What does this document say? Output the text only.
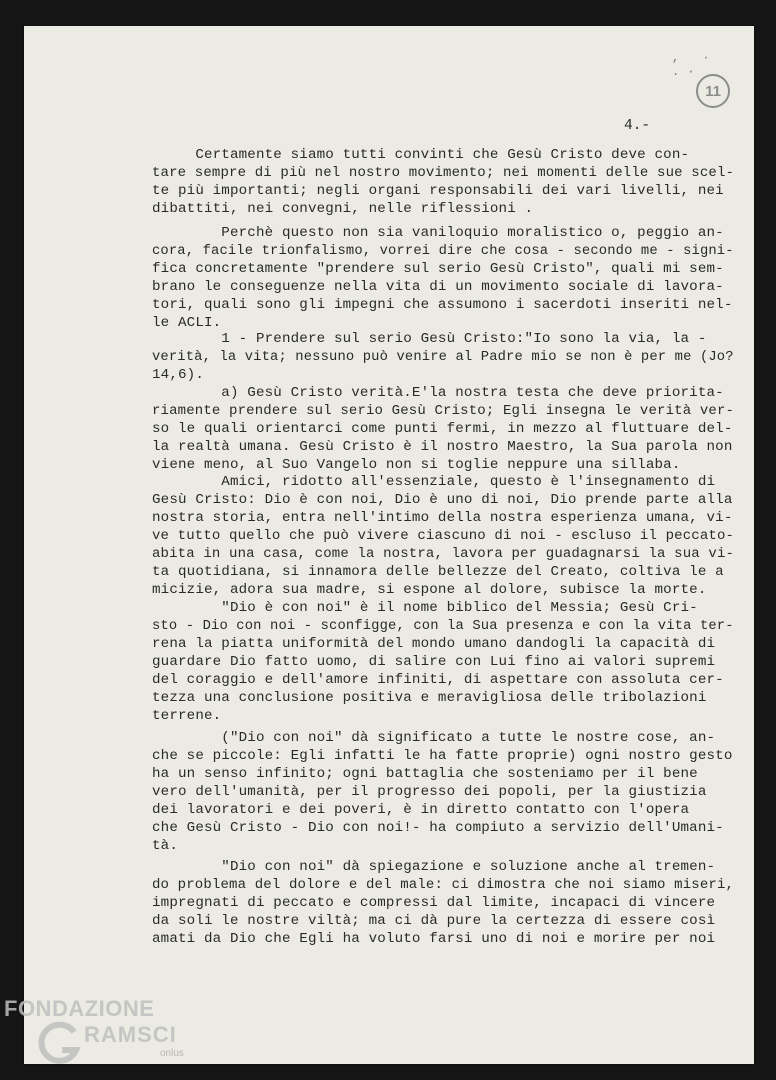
, · .·
11
4.-
Certamente siamo tutti convinti che Gesù Cristo deve con-
tare sempre di più nel nostro movimento; nei momenti delle sue scel-
te più importanti; negli organi responsabili dei vari livelli, nei
dibattiti, nei convegni, nelle riflessioni .
Perchè questo non sia vaniloquio moralistico o, peggio an-
cora, facile trionfalismo, vorrei dire che cosa - secondo me - signi-
fica concretamente "prendere sul serio Gesù Cristo", quali mi sem-
brano le conseguenze nella vita di un movimento sociale di lavora-
tori, quali sono gli impegni che assumono i sacerdoti inseriti nel-
le ACLI.
1 - Prendere sul serio Gesù Cristo:"Io sono la via, la -
verità, la vita; nessuno può venire al Padre mio se non è per me (Jo?
14,6).
a) Gesù Cristo verità.E'la nostra testa che deve prioritа-
riamente prendere sul serio Gesù Cristo; Egli insegna le verità ver-
so le quali orientarci come punti fermi, in mezzo al fluttuare del-
la realtà umana. Gesù Cristo è il nostro Maestro, la Sua parola non
viene meno, al Suo Vangelo non si toglie neppure una sillaba.
Amici, ridotto all'essenziale, questo è l'insegnamento di
Gesù Cristo: Dio è con noi, Dio è uno di noi, Dio prende parte alla
nostra storia, entra nell'intimo della nostra esperienza umana, vi-
ve tutto quello che può vivere ciascuno di noi - escluso il peccato-
abita in una casa, come la nostra, lavora per guadagnarsi la sua vi-
ta quotidiana, si innamora delle bellezze del Creato, coltiva le a
micizie, adora sua madre, si espone al dolore, subisce la morte.
"Dio è con noi" è il nome biblico del Messia; Gesù Cri-
sto - Dio con noi - sconfigge, con la Sua presenza e con la vita ter-
rena la piatta uniformità del mondo umano dandogli la capacità di
guardare Dio fatto uomo, di salire con Lui fino ai valori supremi
del coraggio e dell'amore infiniti, di aspettare con assoluta cer-
tezza una conclusione positiva e meravigliosa delle tribolazioni
terrene.
("Dio con noi" dà significato a tutte le nostre cose, an-
che se piccole: Egli infatti le ha fatte proprie) ogni nostro gesto
ha un senso infinito; ogni battaglia che sosteniamo per il bene
vero dell'umanità, per il progresso dei popoli, per la giustizia
dei lavoratori e dei poveri, è in diretto contatto con l'opera
che Gesù Cristo - Dio con noi!- ha compiuto a servizio dell'Umani-
tà.
"Dio con noi" dà spiegazione e soluzione anche al tremen-
do problema del dolore e del male: ci dimostra che noi siamo miseri,
impregnati di peccato e compressi dal limite, incapaci di vincere
da soli le nostre viltà; ma ci dà pure la certezza di essere così
amati da Dio che Egli ha voluto farsi uno di noi e morire per noi
FONDAZIONE
RAMSCI
onlus
